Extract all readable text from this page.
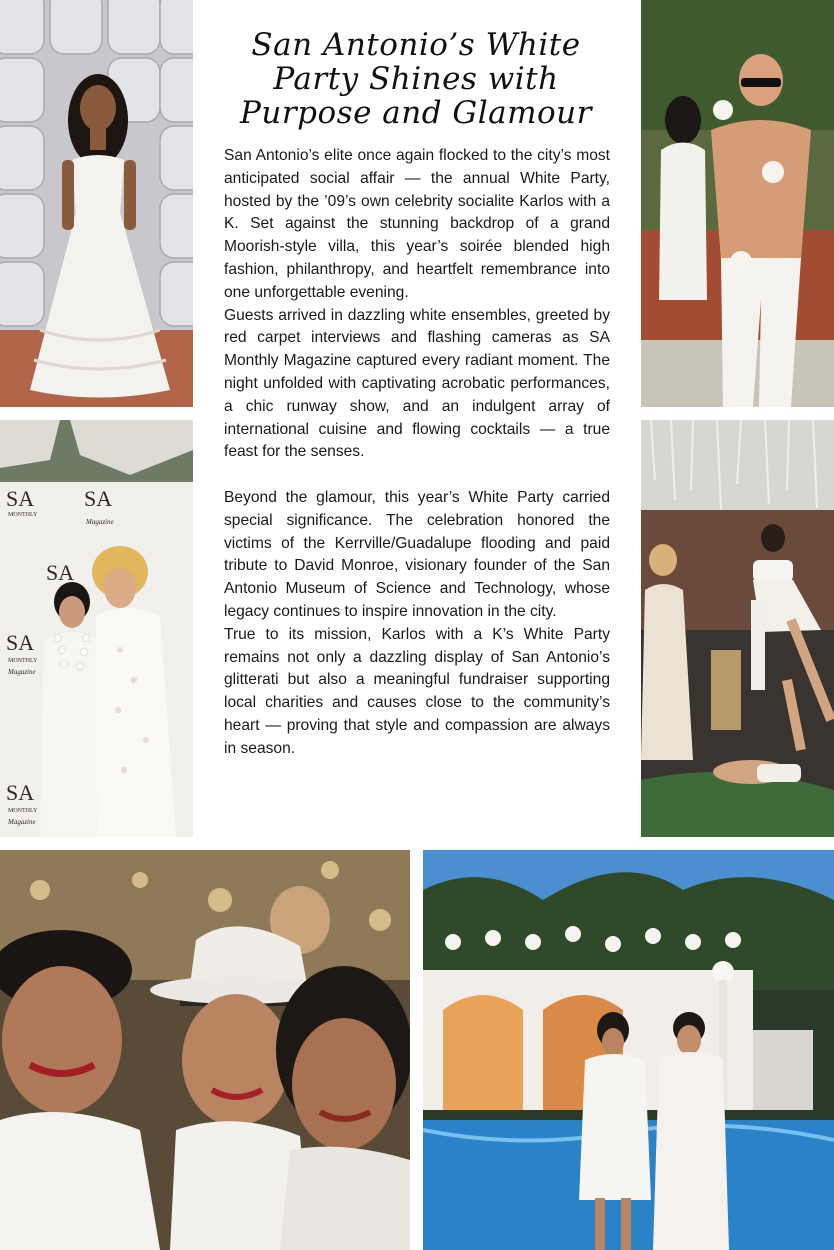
SA
MONTHLY
SA
Magazine
SA
SA
MONTHLY
Magazine
SA
MONTHLY
Magazine
San Antonio’s White Party Shines with Purpose and Glamour

San Antonio’s elite once again flocked to the city’s most anticipated social affair — the annual White Party, hosted by the ’09’s own celebrity socialite Karlos with a K. Set against the stunning backdrop of a grand Moorish-style villa, this year’s soirée blended high fashion, philanthropy, and heartfelt remembrance into one unforgettable evening.

Guests arrived in dazzling white ensembles, greeted by red carpet interviews and flashing cameras as SA Monthly Magazine captured every radiant moment. The night unfolded with captivating acrobatic performances, a chic runway show, and an indulgent array of international cuisine and flowing cocktails — a true feast for the senses.

Beyond the glamour, this year’s White Party carried special significance. The celebration honored the victims of the Kerrville/Guadalupe flooding and paid tribute to David Monroe, visionary founder of the San Antonio Museum of Science and Technology, whose legacy continues to inspire innovation in the city.

True to its mission, Karlos with a K’s White Party remains not only a dazzling display of San Antonio’s glitterati but also a meaningful fundraiser supporting local charities and causes close to the community’s heart — proving that style and compassion are always in season.
